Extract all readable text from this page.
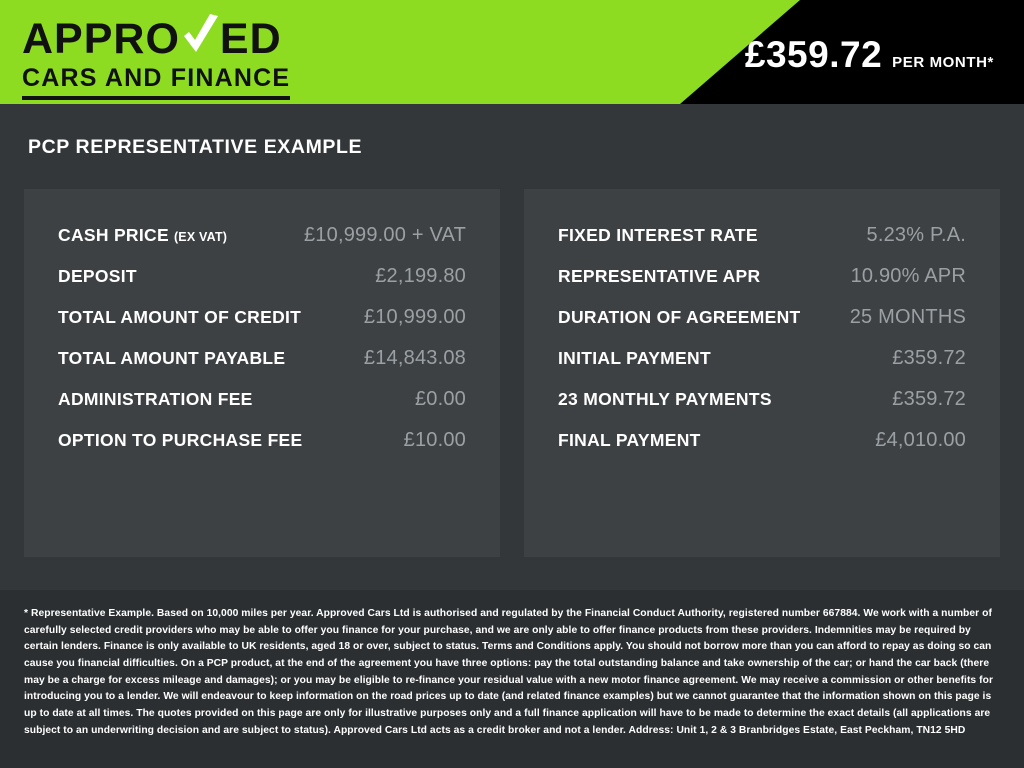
APPRO ED
CARS AND FINANCE
£359.72 PER MONTH*
PCP REPRESENTATIVE EXAMPLE
CASH PRICE (EX VAT)	£10,999.00 + VAT
DEPOSIT	£2,199.80
TOTAL AMOUNT OF CREDIT	£10,999.00
TOTAL AMOUNT PAYABLE	£14,843.08
ADMINISTRATION FEE	£0.00
OPTION TO PURCHASE FEE	£10.00
FIXED INTEREST RATE	5.23% P.A.
REPRESENTATIVE APR	10.90% APR
DURATION OF AGREEMENT 25 MONTHS
INITIAL PAYMENT	£359.72
23 MONTHLY PAYMENTS	£359.72
FINAL PAYMENT	£4,010.00

* Representative Example. Based on 10,000 miles per year. Approved Cars Ltd is authorised and regulated by the Financial Conduct Authority, registered number 667884. We work with a number of carefully selected credit providers who may be able to offer you finance for your purchase, and we are only able to offer finance products from these providers. Indemnities may be required by certain lenders. Finance is only available to UK residents, aged 18 or over, subject to status. Terms and Conditions apply. You should not borrow more than you can afford to repay as doing so can cause you financial difficulties. On a PCP product, at the end of the agreement you have three options: pay the total outstanding balance and take ownership of the car; or hand the car back (there may be a charge for excess mileage and damages); or you may be eligible to re-finance your residual value with a new motor finance agreement. We may receive a commission or other benefits for introducing you to a lender. We will endeavour to keep information on the road prices up to date (and related finance examples) but we cannot guarantee that the information shown on this page is up to date at all times. The quotes provided on this page are only for illustrative purposes only and a full finance application will have to be made to determine the exact details (all applications are subject to an underwriting decision and are subject to status). Approved Cars Ltd acts as a credit broker and not a lender. Address: Unit 1, 2 & 3 Branbridges Estate, East Peckham, TN12 5HD
